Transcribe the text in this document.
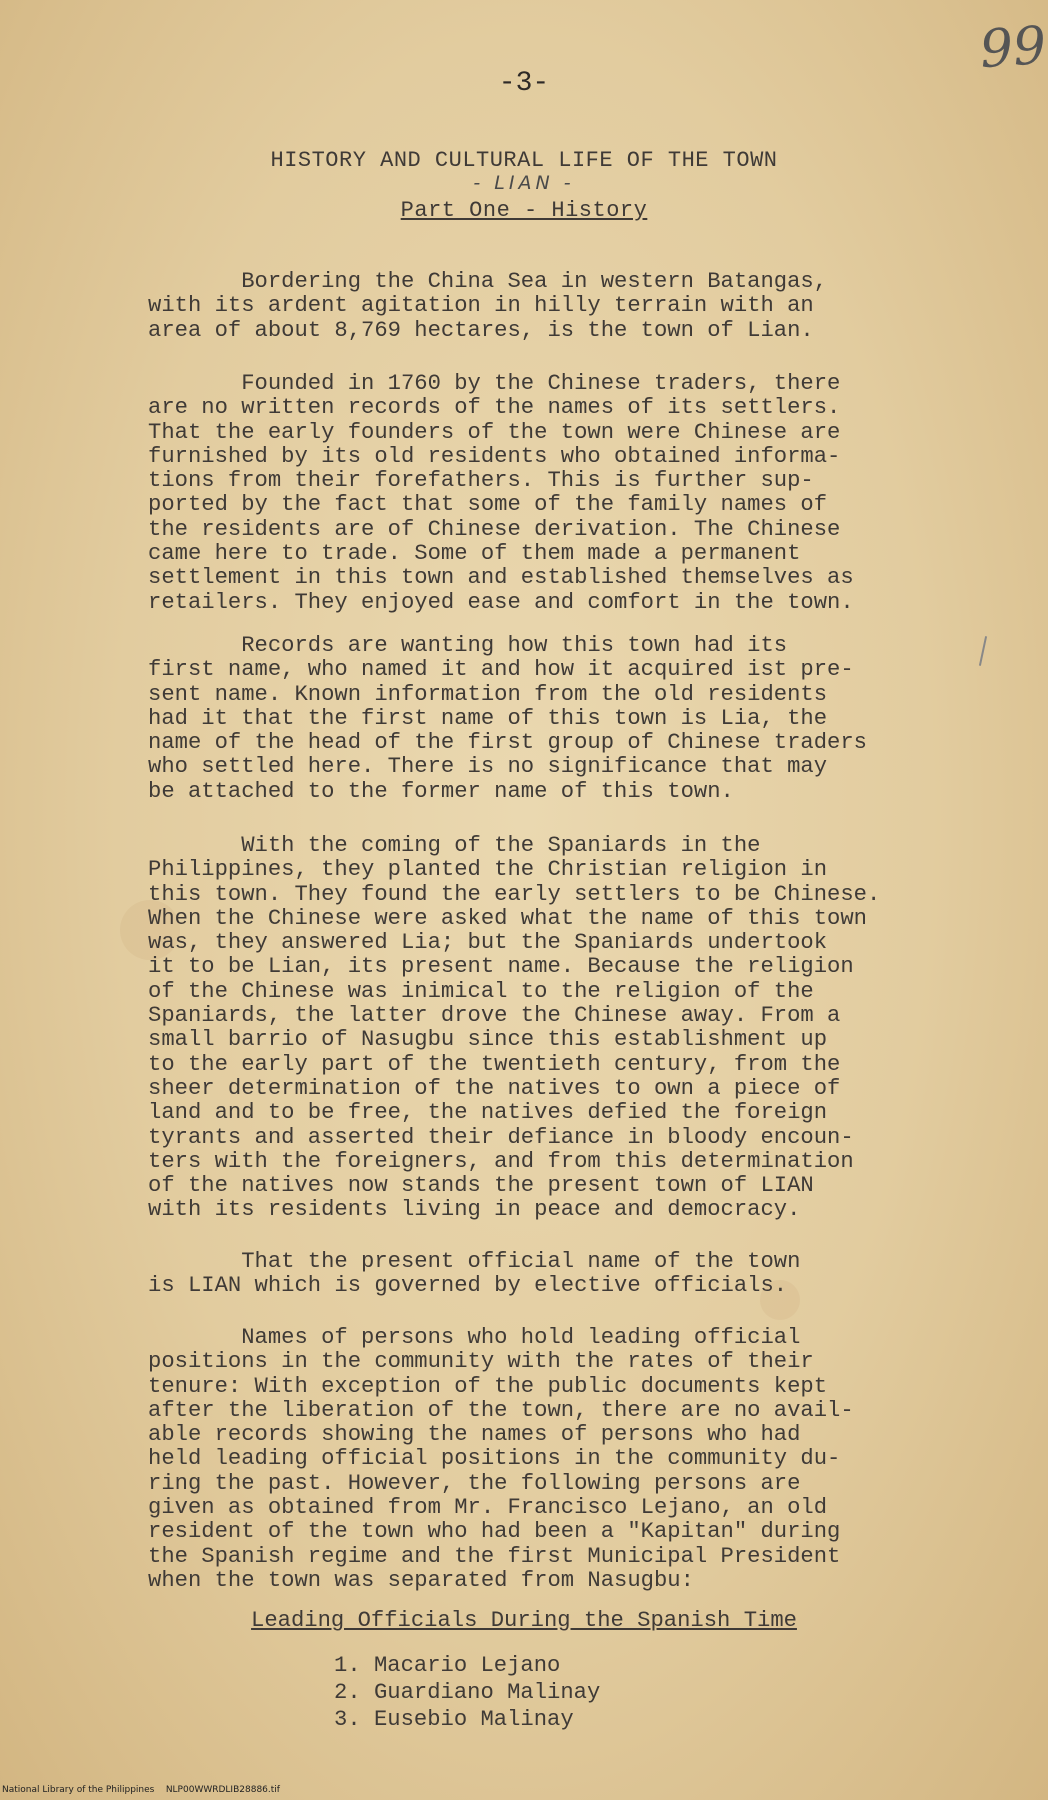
99
-3-
HISTORY AND CULTURAL LIFE OF THE TOWN
- LIAN -
Part One - History

Bordering the China Sea in western Batangas,
with its ardent agitation in hilly terrain with an
area of about 8,769 hectares, is the town of Lian.

Founded in 1760 by the Chinese traders, there
are no written records of the names of its settlers.
That the early founders of the town were Chinese are
furnished by its old residents who obtained informa-
tions from their forefathers. This is further sup-
ported by the fact that some of the family names of
the residents are of Chinese derivation. The Chinese
came here to trade. Some of them made a permanent
settlement in this town and established themselves as
retailers. They enjoyed ease and comfort in the town.

Records are wanting how this town had its
first name, who named it and how it acquired ist pre-
sent name. Known information from the old residents
had it that the first name of this town is Lia, the
name of the head of the first group of Chinese traders
who settled here. There is no significance that may
be attached to the former name of this town.

With the coming of the Spaniards in the
Philippines, they planted the Christian religion in
this town. They found the early settlers to be Chinese.
When the Chinese were asked what the name of this town
was, they answered Lia; but the Spaniards undertook
it to be Lian, its present name. Because the religion
of the Chinese was inimical to the religion of the
Spaniards, the latter drove the Chinese away. From a
small barrio of Nasugbu since this establishment up
to the early part of the twentieth century, from the
sheer determination of the natives to own a piece of
land and to be free, the natives defied the foreign
tyrants and asserted their defiance in bloody encoun-
ters with the foreigners, and from this determination
of the natives now stands the present town of LIAN
with its residents living in peace and democracy.

That the present official name of the town
is LIAN which is governed by elective officials.

Names of persons who hold leading official
positions in the community with the rates of their
tenure: With exception of the public documents kept
after the liberation of the town, there are no avail-
able records showing the names of persons who had
held leading official positions in the community du-
ring the past. However, the following persons are
given as obtained from Mr. Francisco Lejano, an old
resident of the town who had been a "Kapitan" during
the Spanish regime and the first Municipal President
when the town was separated from Nasugbu:

Leading Officials During the Spanish Time
1. Macario Lejano
2. Guardiano Malinay
3. Eusebio Malinay
National Library of the Philippines NLP00WWRDLIB28886.tif
